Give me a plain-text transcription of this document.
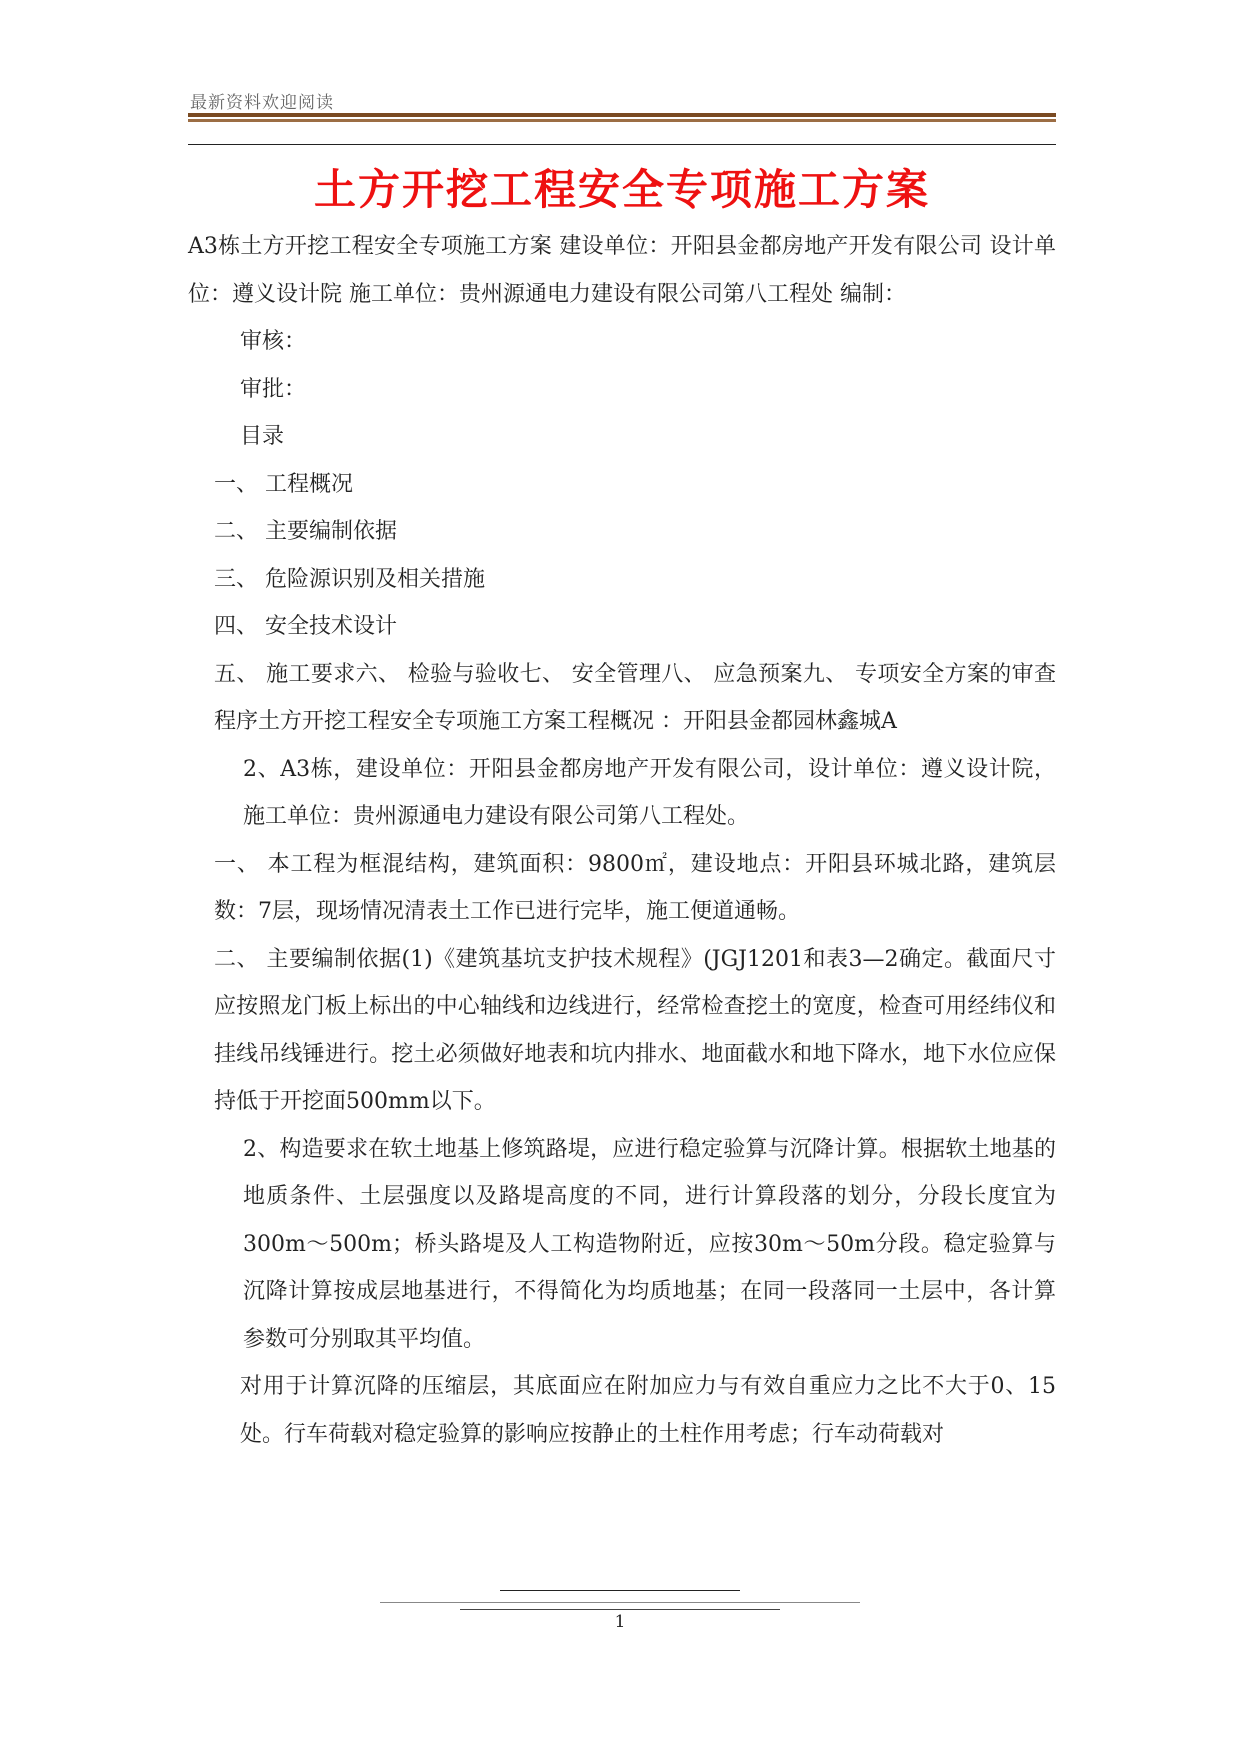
最新资料欢迎阅读
土方开挖工程安全专项施工方案

A3栋土方开挖工程安全专项施工方案 建设单位：开阳县金都房地产开发有限公司 设计单位：遵义设计院 施工单位：贵州源通电力建设有限公司第八工程处 编制：

审核：

审批：

目录

一、 工程概况

二、 主要编制依据

三、 危险源识别及相关措施

四、 安全技术设计

五、 施工要求六、 检验与验收七、 安全管理八、 应急预案九、 专项安全方案的审查程序土方开挖工程安全专项施工方案工程概况 ：开阳县金都园林鑫城A

2、A3栋，建设单位：开阳县金都房地产开发有限公司，设计单位：遵义设计院，施工单位：贵州源通电力建设有限公司第八工程处。

一、 本工程为框混结构，建筑面积：9800㎡，建设地点：开阳县环城北路，建筑层数：7层，现场情况清表土工作已进行完毕，施工便道通畅。

二、 主要编制依据(1)《建筑基坑支护技术规程》(JGJ1201和表3—2确定。截面尺寸应按照龙门板上标出的中心轴线和边线进行，经常检查挖土的宽度，检查可用经纬仪和挂线吊线锤进行。挖土必须做好地表和坑内排水、地面截水和地下降水，地下水位应保持低于开挖面500mm以下。

2、构造要求在软土地基上修筑路堤，应进行稳定验算与沉降计算。根据软土地基的地质条件、土层强度以及路堤高度的不同，进行计算段落的划分，分段长度宜为300m～500m；桥头路堤及人工构造物附近，应按30m～50m分段。稳定验算与沉降计算按成层地基进行，不得简化为均质地基；在同一段落同一土层中，各计算参数可分别取其平均值。

对用于计算沉降的压缩层，其底面应在附加应力与有效自重应力之比不大于0、15处。行车荷载对稳定验算的影响应按静止的土柱作用考虑；行车动荷载对

1
